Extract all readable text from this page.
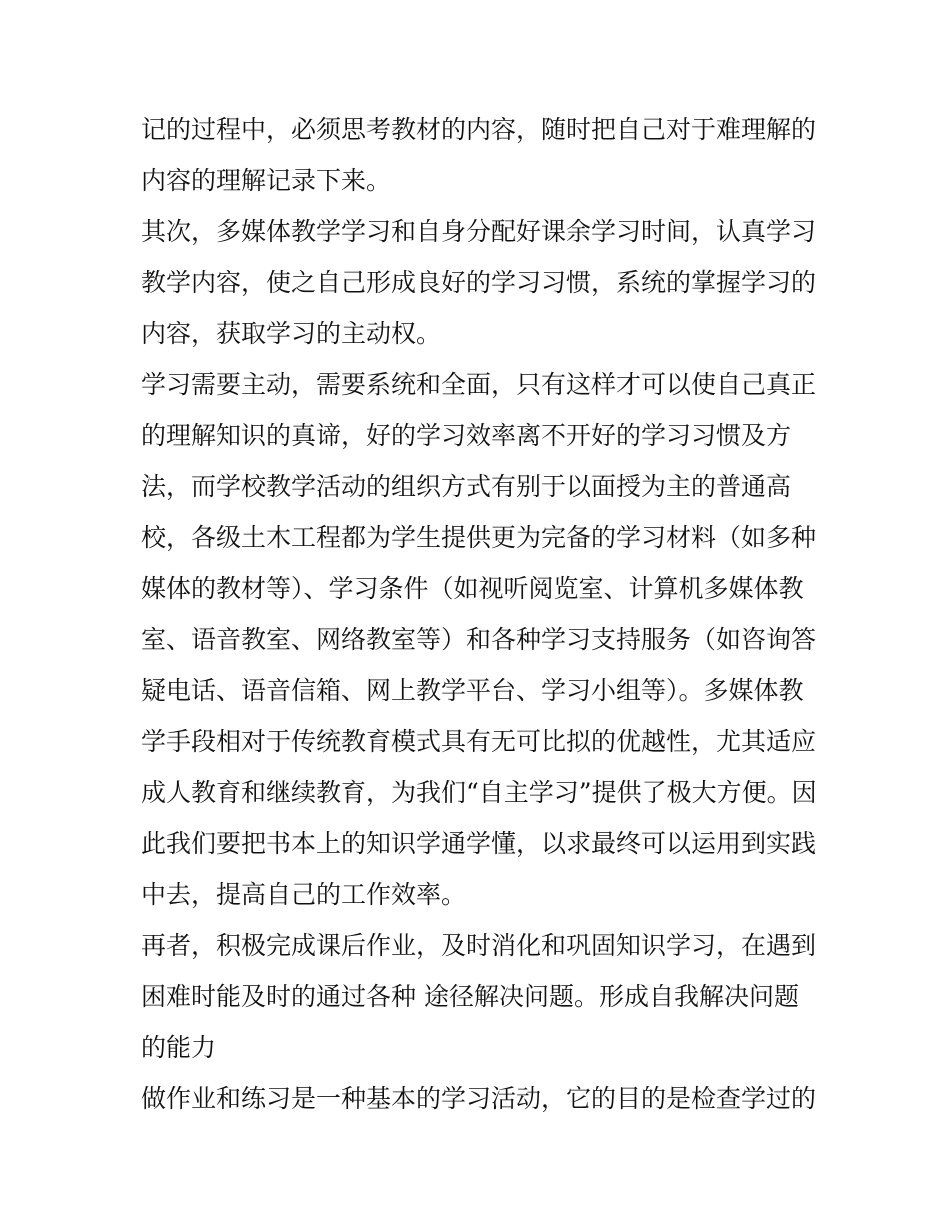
记的过程中，必须思考教材的内容，随时把自己对于难理解的
内容的理解记录下来。
其次，多媒体教学学习和自身分配好课余学习时间，认真学习
教学内容，使之自己形成良好的学习习惯，系统的掌握学习的
内容，获取学习的主动权。
学习需要主动，需要系统和全面，只有这样才可以使自己真正
的理解知识的真谛，好的学习效率离不开好的学习习惯及方
法，而学校教学活动的组织方式有别于以面授为主的普通高
校，各级土木工程都为学生提供更为完备的学习材料（如多种
媒体的教材等）、学习条件（如视听阅览室、计算机多媒体教
室、语音教室、网络教室等）和各种学习支持服务（如咨询答
疑电话、语音信箱、网上教学平台、学习小组等）。多媒体教
学手段相对于传统教育模式具有无可比拟的优越性，尤其适应
成人教育和继续教育，为我们“自主学习”提供了极大方便。因
此我们要把书本上的知识学通学懂，以求最终可以运用到实践
中去，提高自己的工作效率。
再者，积极完成课后作业，及时消化和巩固知识学习，在遇到
困难时能及时的通过各种 途径解决问题。形成自我解决问题
的能力
做作业和练习是一种基本的学习活动，它的目的是检查学过的
